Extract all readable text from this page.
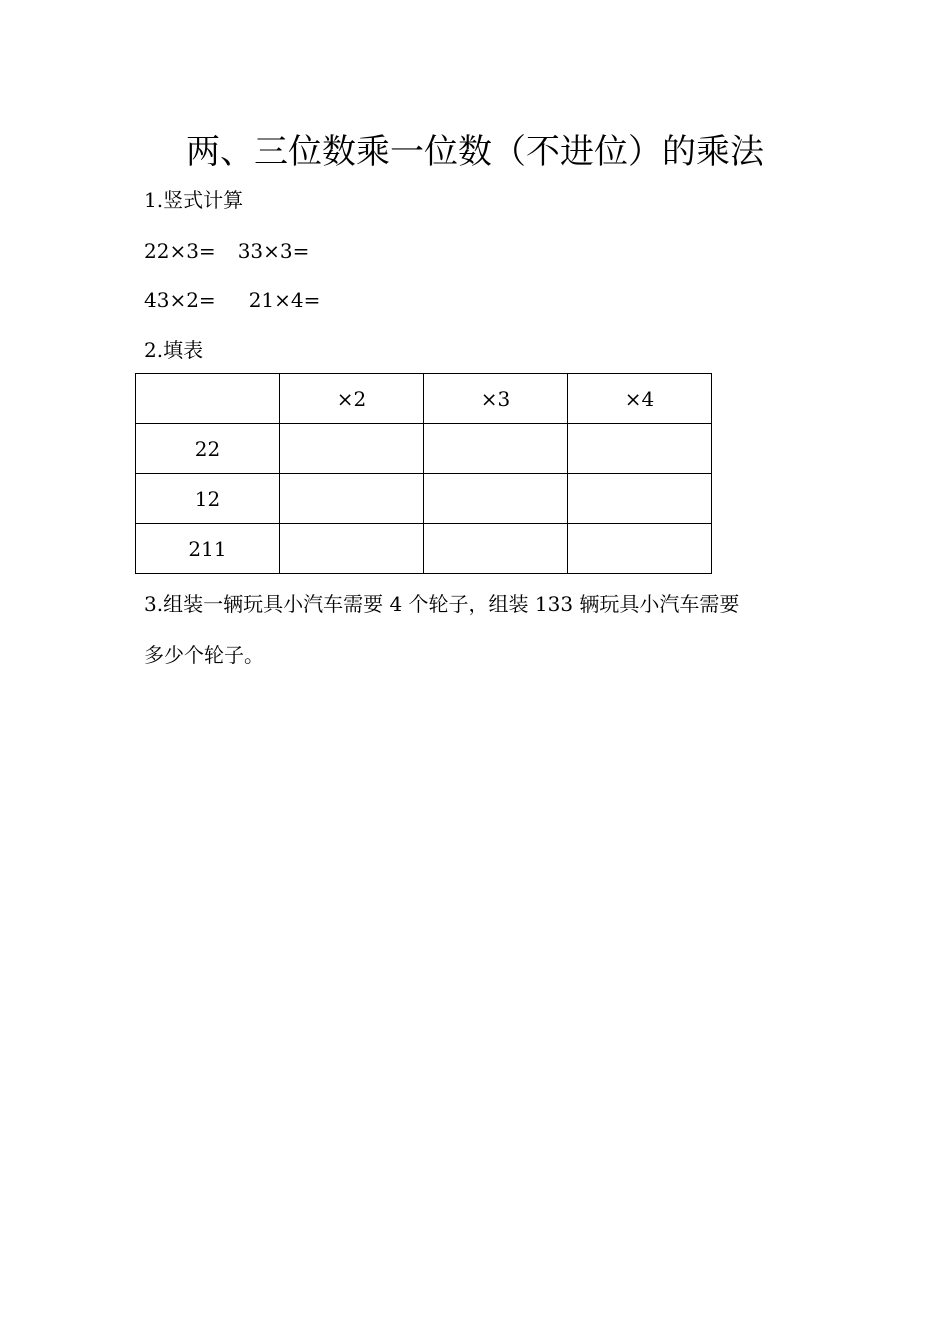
两、三位数乘一位数（不进位）的乘法
1.竖式计算
22×3= 33×3=
43×2= 21×4=
2.填表
	×2	×3	×4
22			
12			
211			
3.组装一辆玩具小汽车需要 4 个轮子，组装 133 辆玩具小汽车需要
多少个轮子。
